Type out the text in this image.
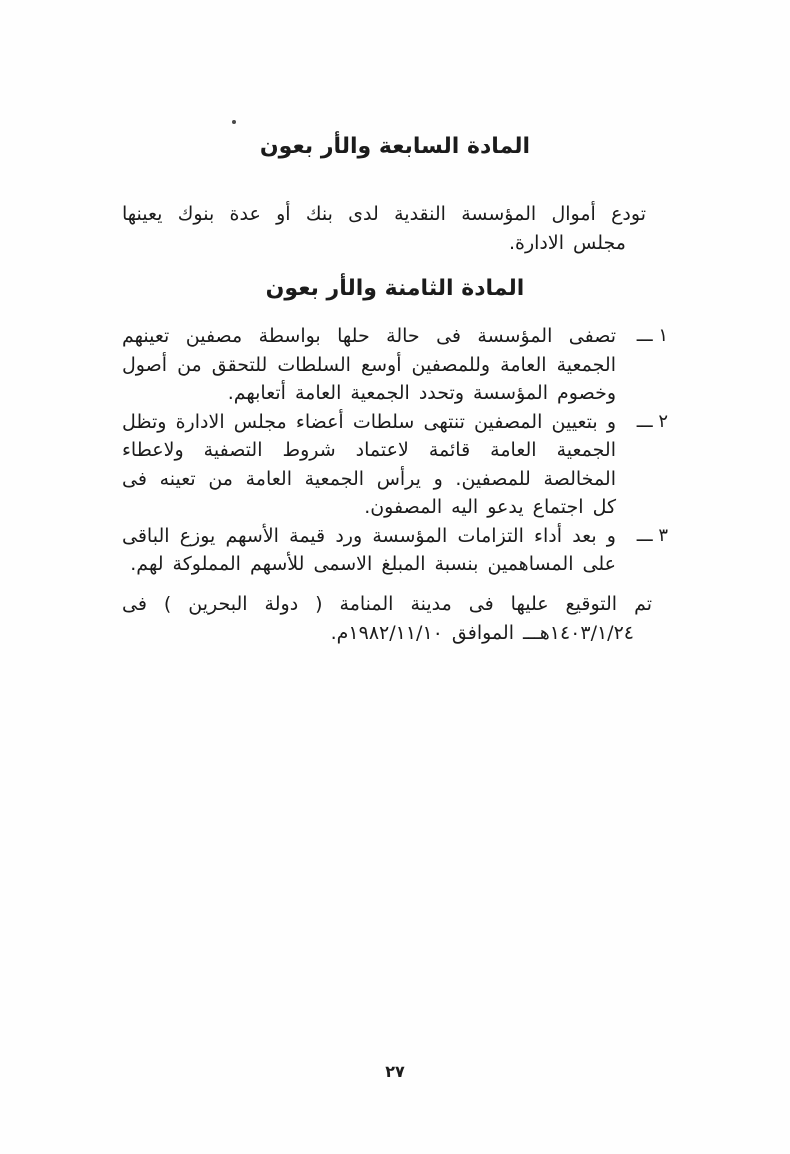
المادة السابعة والأر بعون

تودع أموال المؤسسة النقدية لدى بنك أو عدة بنوك يعينها مجلس الادارة.

المادة الثامنة والأر بعون
١ ـــ
تصفى المؤسسة فى حالة حلها بواسطة مصفين تعينهم الجمعية العامة وللمصفين أوسع السلطات للتحقق من أصول وخصوم المؤسسة وتحدد الجمعية العامة أتعابهم.
٢ ـــ
و بتعيين المصفين تنتهى سلطات أعضاء مجلس الادارة وتظل الجمعية العامة قائمة لاعتماد شروط التصفية ولاعطاء المخالصة للمصفين. و يرأس الجمعية العامة من تعينه فى كل اجتماع يدعو اليه المصفون.
٣ ـــ
و بعد أداء التزامات المؤسسة ورد قيمة الأسهم يوزع الباقى على المساهمين بنسبة المبلغ الاسمى للأسهم المملوكة لهم.

تم التوقيع عليها فى مدينة المنامة ( دولة البحرين ) فى ١٤٠٣/١/٢٤هـــ الموافق ١٩٨٢/١١/١٠م.

٢٧
